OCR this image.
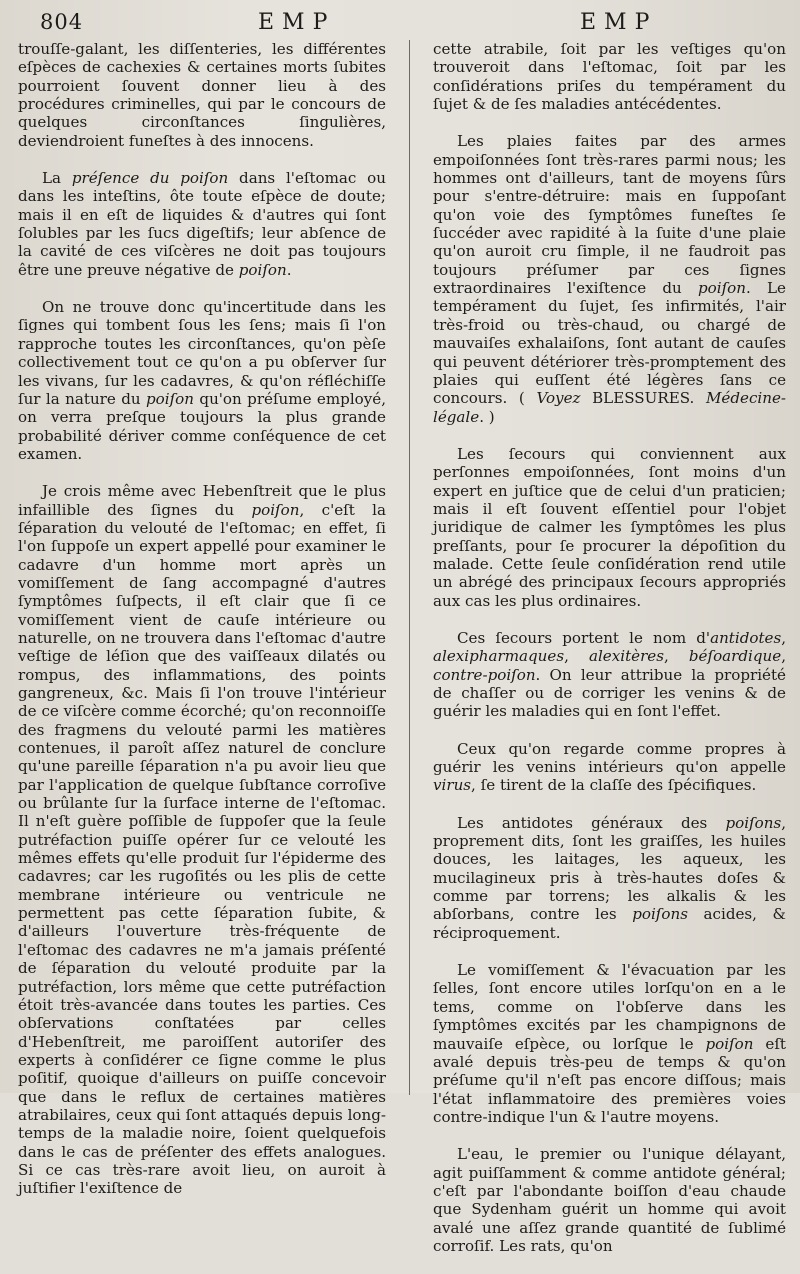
804	EMP	EMP

trouſſe-galant, les diſſenteries, les différentes eſpèces de cachexies & certaines morts ſubites pourroient ſouvent donner lieu à des procédures criminelles, qui par le concours de quelques circonſtances ſingulières, deviendroient funeſtes à des innocens.

La préſence du poiſon dans l'eſtomac ou dans les inteſtins, ôte toute eſpèce de doute; mais il en eſt de liquides & d'autres qui ſont ſolubles par les ſucs digeſtifs; leur abſence de la cavité de ces viſcères ne doit pas toujours être une preuve négative de poiſon.

On ne trouve donc qu'incertitude dans les ſignes qui tombent ſous les ſens; mais ſi l'on rapproche toutes les circonſtances, qu'on pèſe collectivement tout ce qu'on a pu obſerver ſur les vivans, ſur les cadavres, & qu'on réfléchiſſe ſur la nature du poiſon qu'on préſume employé, on verra preſque toujours la plus grande probabilité dériver comme conſéquence de cet examen.

Je crois même avec Hebenſtreit que le plus infaillible des ſignes du poiſon, c'eſt la ſéparation du velouté de l'eſtomac; en effet, ſi l'on ſuppoſe un expert appellé pour examiner le cadavre d'un homme mort après un vomiſſement de ſang accompagné d'autres ſymptômes ſuſpects, il eſt clair que ſi ce vomiſſement vient de cauſe intérieure ou naturelle, on ne trouvera dans l'eſtomac d'autre veſtige de léſion que des vaiſſeaux dilatés ou rompus, des inflammations, des points gangreneux, &c. Mais ſi l'on trouve l'intérieur de ce viſcère comme écorché; qu'on reconnoiſſe des fragmens du velouté parmi les matières contenues, il paroît aſſez naturel de conclure qu'une pareille ſéparation n'a pu avoir lieu que par l'application de quelque ſubſtance corroſive ou brûlante ſur la ſurface interne de l'eſtomac. Il n'eſt guère poſſible de ſuppoſer que la ſeule putréfaction puiſſe opérer ſur ce velouté les mêmes effets qu'elle produit ſur l'épiderme des cadavres; car les rugoſités ou les plis de cette membrane intérieure ou ventricule ne permettent pas cette ſéparation ſubite, & d'ailleurs l'ouverture très-fréquente de l'eſtomac des cadavres ne m'a jamais préſenté de ſéparation du velouté produite par la putréfaction, lors même que cette putréfaction étoit très-avancée dans toutes les parties. Ces obſervations conſtatées par celles d'Hebenſtreit, me paroiſſent autoriſer des experts à conſidérer ce ſigne comme le plus poſitif, quoique d'ailleurs on puiſſe concevoir que dans le reflux de certaines matières atrabilaires, ceux qui ſont attaqués depuis long-temps de la maladie noire, ſoient quelquefois dans le cas de préſenter des effets analogues. Si ce cas très-rare avoit lieu, on auroit à juſtifier l'exiſtence de

cette atrabile, ſoit par les veſtiges qu'on trouveroit dans l'eſtomac, ſoit par les conſidérations priſes du tempérament du ſujet & de ſes maladies antécédentes.

Les plaies faites par des armes empoiſonnées ſont très-rares parmi nous; les hommes ont d'ailleurs, tant de moyens ſûrs pour s'entre-détruire: mais en ſuppoſant qu'on voie des ſymptômes funeſtes ſe ſuccéder avec rapidité à la ſuite d'une plaie qu'on auroit cru ſimple, il ne faudroit pas toujours préſumer par ces ſignes extraordinaires l'exiſtence du poiſon. Le tempérament du ſujet, ſes infirmités, l'air très-froid ou très-chaud, ou chargé de mauvaiſes exhalaiſons, ſont autant de cauſes qui peuvent détériorer très-promptement des plaies qui euſſent été légères ſans ce concours. ( Voyez BLESSURES. Médecine-légale. )

Les ſecours qui conviennent aux perſonnes empoiſonnées, ſont moins d'un expert en juſtice que de celui d'un praticien; mais il eſt ſouvent eſſentiel pour l'objet juridique de calmer les ſymptômes les plus preſſants, pour ſe procurer la dépoſition du malade. Cette ſeule conſidération rend utile un abrégé des principaux ſecours appropriés aux cas les plus ordinaires.

Ces ſecours portent le nom d'antidotes, alexipharmaques, alexitères, béſoardique, contre-poiſon. On leur attribue la propriété de chaſſer ou de corriger les venins & de guérir les maladies qui en ſont l'effet.

Ceux qu'on regarde comme propres à guérir les venins intérieurs qu'on appelle virus, ſe tirent de la claſſe des ſpécifiques.

Les antidotes généraux des poiſons, proprement dits, ſont les graiſſes, les huiles douces, les laitages, les aqueux, les mucilagineux pris à très-hautes doſes & comme par torrens; les alkalis & les abſorbans, contre les poiſons acides, & réciproquement.

Le vomiſſement & l'évacuation par les ſelles, ſont encore utiles lorſqu'on en a le tems, comme on l'obſerve dans les ſymptômes excités par les champignons de mauvaiſe eſpèce, ou lorſque le poiſon eſt avalé depuis très-peu de temps & qu'on préſume qu'il n'eſt pas encore diſſous; mais l'état inflammatoire des premières voies contre-indique l'un & l'autre moyens.

L'eau, le premier ou l'unique délayant, agit puiſſamment & comme antidote général; c'eſt par l'abondante boiſſon d'eau chaude que Sydenham guérit un homme qui avoit avalé une aſſez grande quantité de ſublimé corroſif. Les rats, qu'on
